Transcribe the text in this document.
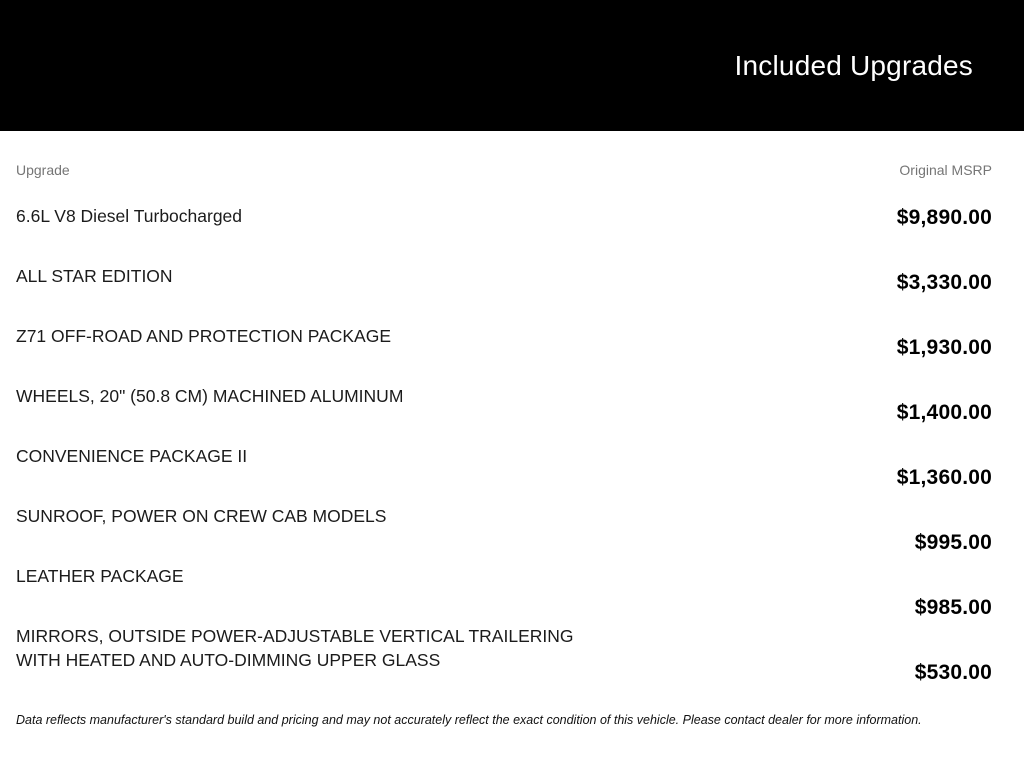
Included Upgrades
Upgrade	Original MSRP
6.6L V8 Diesel Turbocharged
ALL STAR EDITION
Z71 OFF-ROAD AND PROTECTION PACKAGE
WHEELS, 20" (50.8 CM) MACHINED ALUMINUM
CONVENIENCE PACKAGE II
SUNROOF, POWER ON CREW CAB MODELS
LEATHER PACKAGE
MIRRORS, OUTSIDE POWER-ADJUSTABLE VERTICAL TRAILERING WITH HEATED AND AUTO-DIMMING UPPER GLASS
$9,890.00
$3,330.00
$1,930.00
$1,400.00
$1,360.00
$995.00
$985.00
$530.00
Data reflects manufacturer's standard build and pricing and may not accurately reflect the exact condition of this vehicle. Please contact dealer for more information.
